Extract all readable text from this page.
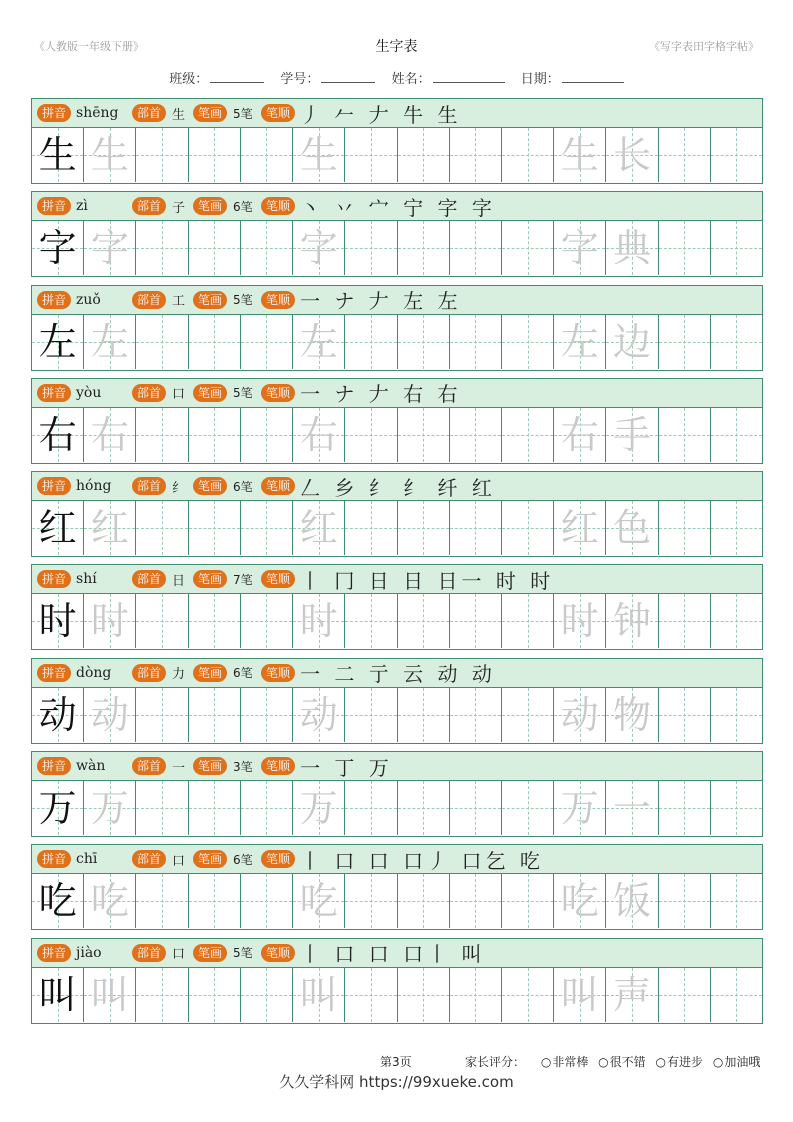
《人教版一年级下册》	生字表	《写字表田字格字帖》
班级：	学号：	姓名：	日期：
拼音 shēng	部首 生	笔画 5笔	笔顺 丿 𠂉 𠂇 牛 生
生 生	生	生 长
拼音 zì	部首 子	笔画 6笔	笔顺 丶 丷 宀 宁 字 字
字 字	字	字 典
拼音 zuǒ	部首 工	笔画 5笔	笔顺 一 ナ 𠂇 左 左
左 左	左	左 边
拼音 yòu	部首 口	笔画 5笔	笔顺 一 ナ 𠂇 右 右
右 右	右	右 手
拼音 hóng	部首 纟	笔画 6笔	笔顺 𠃋 乡 纟 纟 纤 红
红 红	红	红 色
拼音 shí	部首 日	笔画 7笔	笔顺 丨 冂 日 日 日一 时 时
时 时	时	时 钟
拼音 dòng	部首 力	笔画 6笔	笔顺 一 二 亍 云 动 动
动 动	动	动 物
拼音 wàn	部首 一	笔画 3笔	笔顺 一 丁 万
万 万	万	万 一
拼音 chī	部首 口	笔画 6笔	笔顺 丨 口 口 口丿 口乞 吃
吃 吃	吃	吃 饭
拼音 jiào	部首 口	笔画 5笔	笔顺 丨 口 口 口丨 叫
叫 叫	叫	叫 声
第3页	家长评分： ○ 非常棒 ○ 很不错 ○ 有进步 ○ 加油哦
久久学科网 https://99xueke.com
